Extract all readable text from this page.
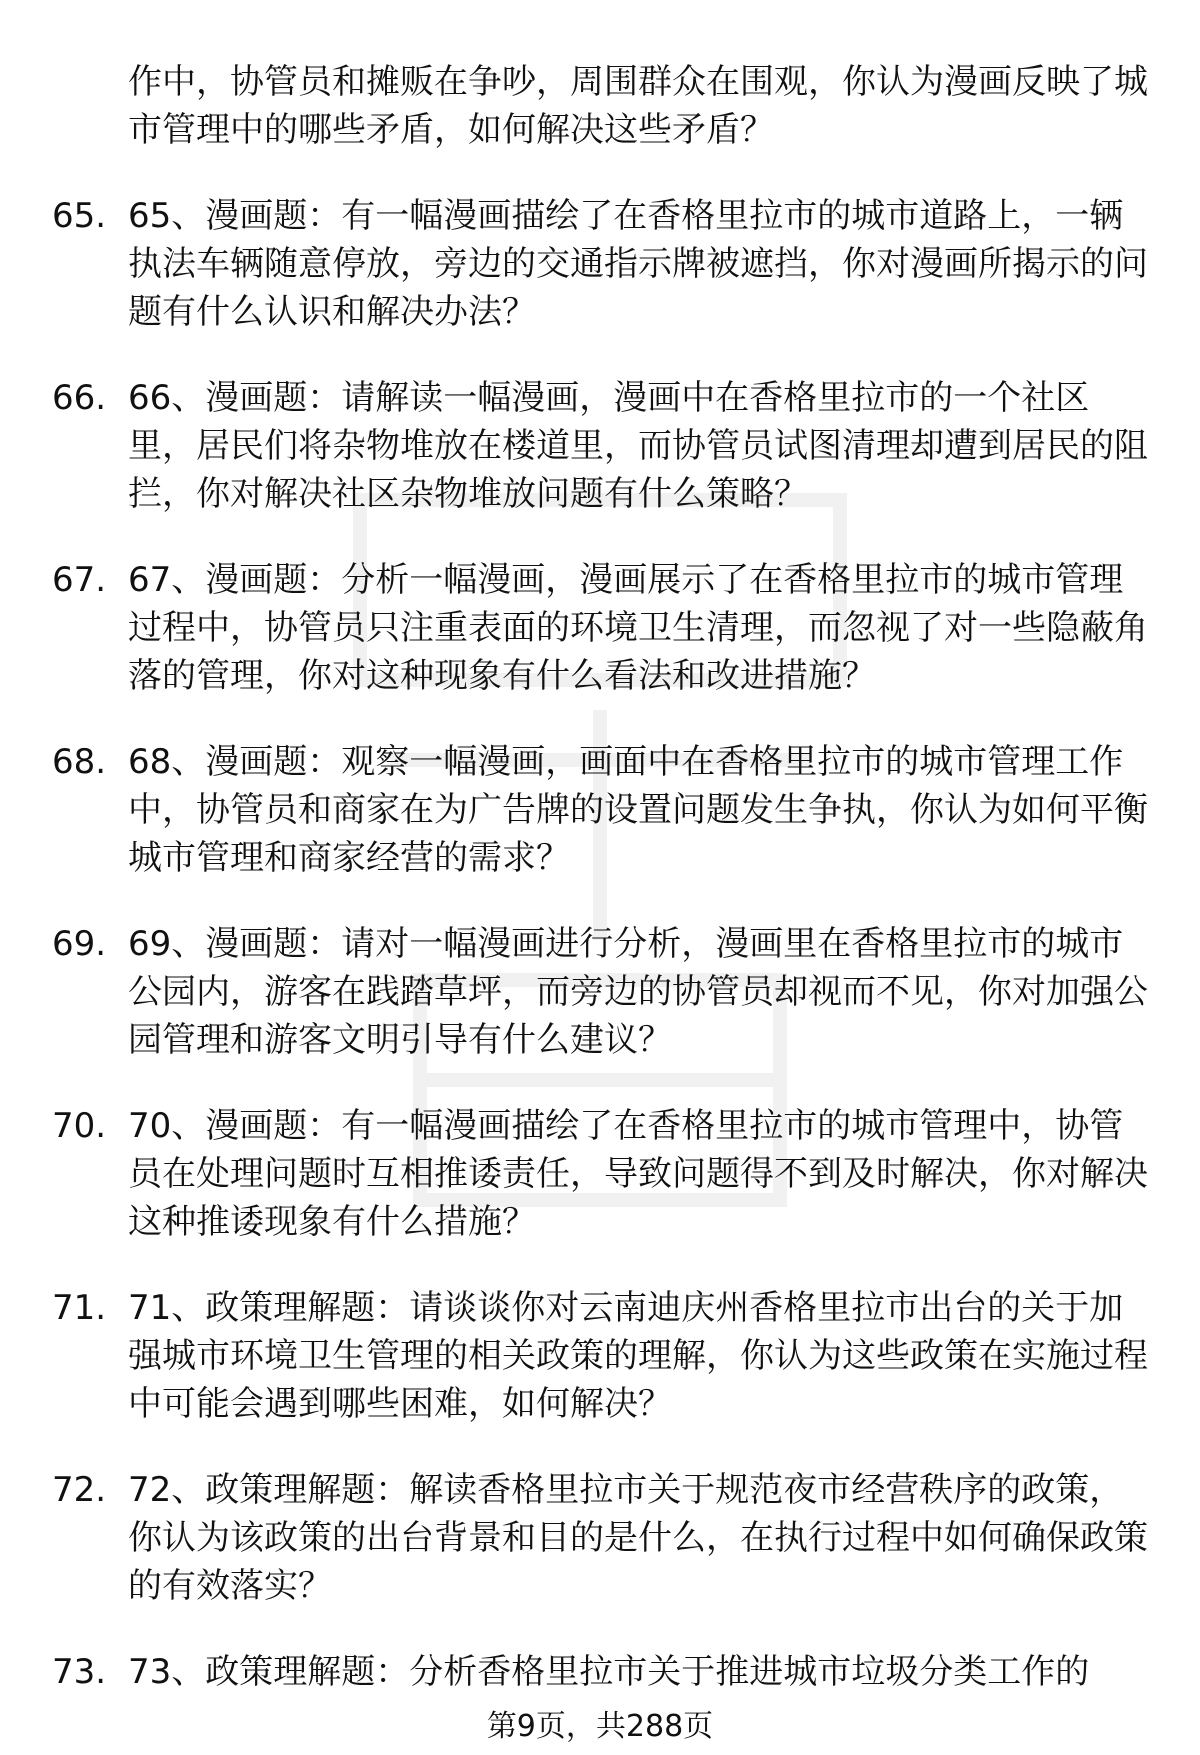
作中，协管员和摊贩在争吵，周围群众在围观，你认为漫画反映了城市管理中的哪些矛盾，如何解决这些矛盾？
65. 65、漫画题：有一幅漫画描绘了在香格里拉市的城市道路上，一辆执法车辆随意停放，旁边的交通指示牌被遮挡，你对漫画所揭示的问题有什么认识和解决办法？
66. 66、漫画题：请解读一幅漫画，漫画中在香格里拉市的一个社区里，居民们将杂物堆放在楼道里，而协管员试图清理却遭到居民的阻拦，你对解决社区杂物堆放问题有什么策略？
67. 67、漫画题：分析一幅漫画，漫画展示了在香格里拉市的城市管理过程中，协管员只注重表面的环境卫生清理，而忽视了对一些隐蔽角落的管理，你对这种现象有什么看法和改进措施？
68. 68、漫画题：观察一幅漫画，画面中在香格里拉市的城市管理工作中，协管员和商家在为广告牌的设置问题发生争执，你认为如何平衡城市管理和商家经营的需求？
69. 69、漫画题：请对一幅漫画进行分析，漫画里在香格里拉市的城市公园内，游客在践踏草坪，而旁边的协管员却视而不见，你对加强公园管理和游客文明引导有什么建议？
70. 70、漫画题：有一幅漫画描绘了在香格里拉市的城市管理中，协管员在处理问题时互相推诿责任，导致问题得不到及时解决，你对解决这种推诿现象有什么措施？
71. 71、政策理解题：请谈谈你对云南迪庆州香格里拉市出台的关于加强城市环境卫生管理的相关政策的理解，你认为这些政策在实施过程中可能会遇到哪些困难，如何解决？
72. 72、政策理解题：解读香格里拉市关于规范夜市经营秩序的政策，你认为该政策的出台背景和目的是什么，在执行过程中如何确保政策的有效落实？
73. 73、政策理解题：分析香格里拉市关于推进城市垃圾分类工作的
第9页，共288页
